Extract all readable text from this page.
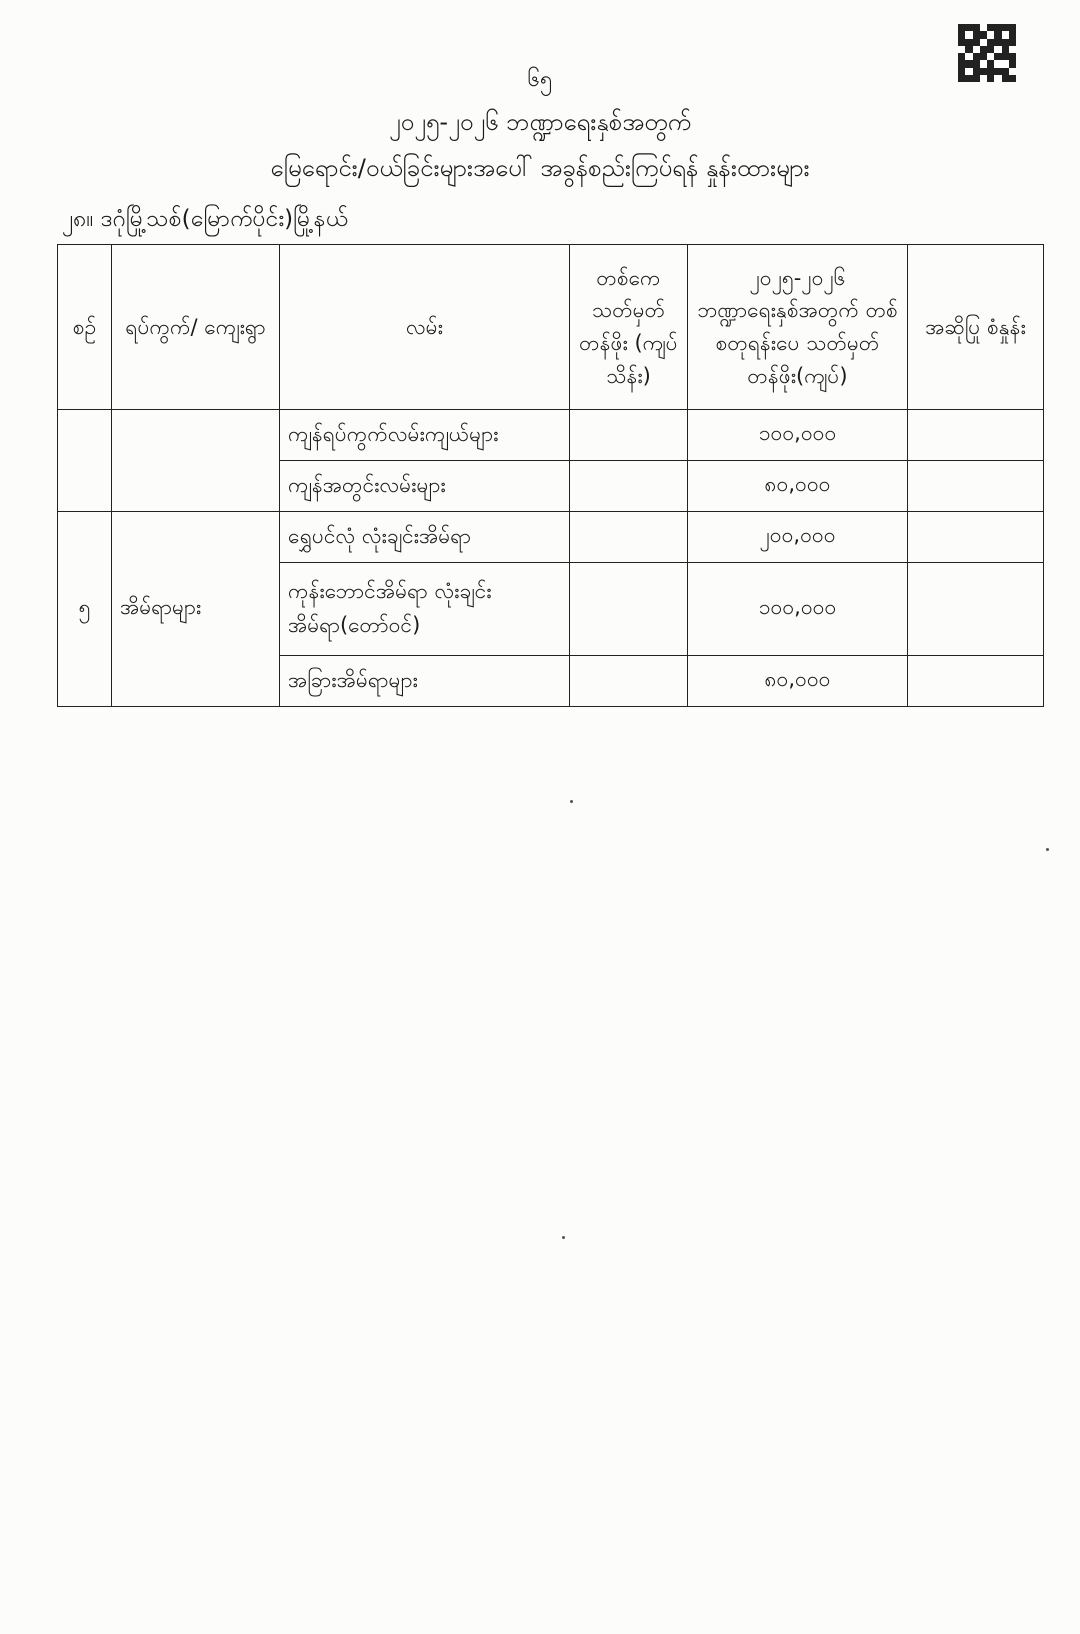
၆၅
၂၀၂၅-၂၀၂၆ ဘဏ္ဍာရေးနှစ်အတွက်
မြေရောင်း/ဝယ်ခြင်းများအပေါ် အခွန်စည်းကြပ်ရန် နှုန်းထားများ
၂၈။ ဒဂုံမြို့သစ်(မြောက်ပိုင်း)မြို့နယ်
စဉ်	ရပ်ကွက်/ ကျေးရွာ	လမ်း	တစ်ကေ သတ်မှတ် တန်ဖိုး (ကျပ်သိန်း)	၂၀၂၅-၂၀၂၆ ဘဏ္ဍာရေးနှစ်အတွက် တစ်စတုရန်းပေ သတ်မှတ်တန်ဖိုး(ကျပ်)	အဆိုပြု စံနှုန်း
		ကျန်ရပ်ကွက်လမ်းကျယ်များ		၁၀၀,၀၀၀	
		ကျန်အတွင်းလမ်းများ		၈၀,၀၀၀	
၅	အိမ်ရာများ	ရွှေပင်လုံ လုံးချင်းအိမ်ရာ		၂၀၀,၀၀၀	
		ကုန်းဘောင်အိမ်ရာ လုံးချင်းအိမ်ရာ(တော်ဝင်)		၁၀၀,၀၀၀	
		အခြားအိမ်ရာများ		၈၀,၀၀၀	
